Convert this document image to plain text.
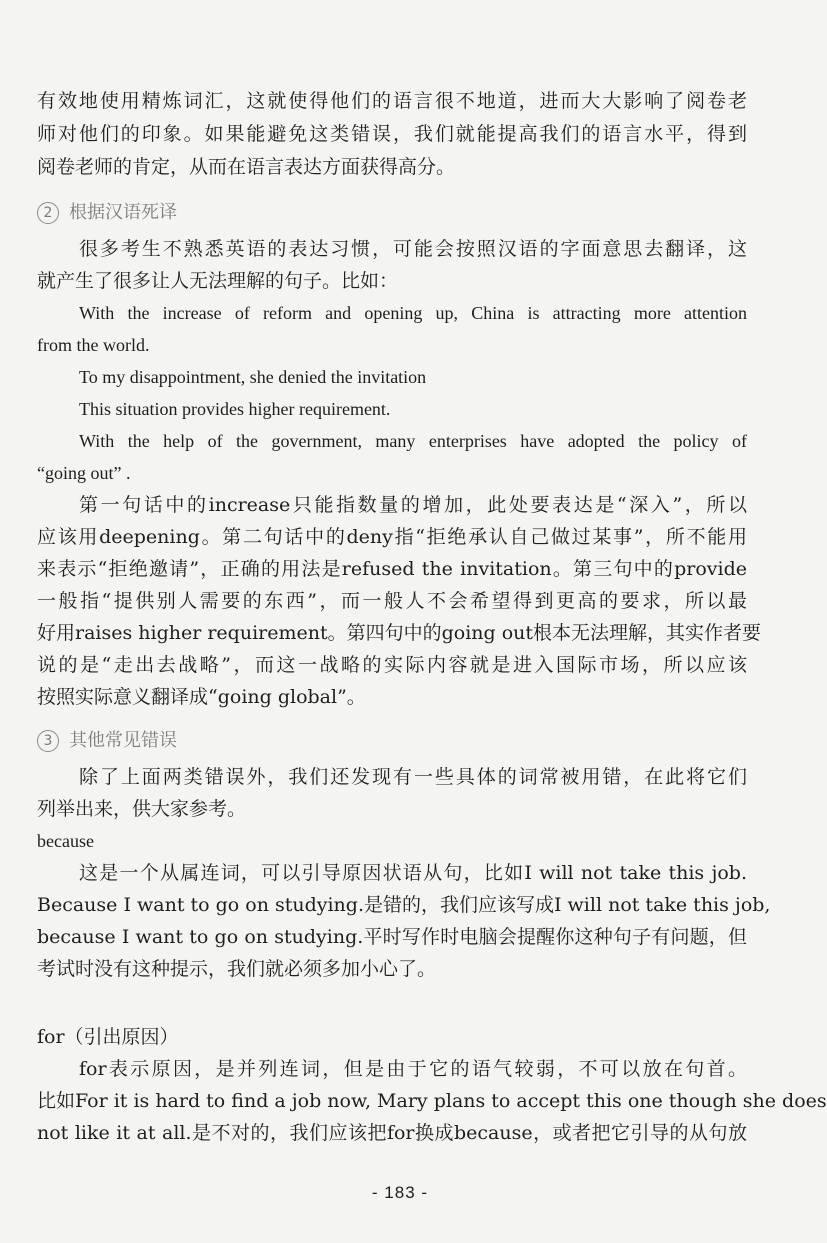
有效地使用精炼词汇，这就使得他们的语言很不地道，进而大大影响了阅卷老
师对他们的印象。如果能避免这类错误，我们就能提高我们的语言水平，得到
阅卷老师的肯定，从而在语言表达方面获得高分。
2 根据汉语死译
很多考生不熟悉英语的表达习惯，可能会按照汉语的字面意思去翻译，这
就产生了很多让人无法理解的句子。比如：
With the increase of reform and opening up, China is attracting more attention
from the world.
To my disappointment, she denied the invitation
This situation provides higher requirement.
With the help of the government, many enterprises have adopted the policy of
“going out” .
第一句话中的increase只能指数量的增加，此处要表达是“深入”，所以
应该用deepening。第二句话中的deny指“拒绝承认自己做过某事”，所不能用
来表示“拒绝邀请”，正确的用法是refused the invitation。第三句中的provide
一般指“提供别人需要的东西”，而一般人不会希望得到更高的要求，所以最
好用raises higher requirement。第四句中的going out根本无法理解，其实作者要
说的是“走出去战略”，而这一战略的实际内容就是进入国际市场，所以应该
按照实际意义翻译成“going global”。
3 其他常见错误
除了上面两类错误外，我们还发现有一些具体的词常被用错，在此将它们
列举出来，供大家参考。
because
这是一个从属连词，可以引导原因状语从句，比如I will not take this job.
Because I want to go on studying.是错的，我们应该写成I will not take this job,
because I want to go on studying.平时写作时电脑会提醒你这种句子有问题，但
考试时没有这种提示，我们就必须多加小心了。
for（引出原因）
for表示原因，是并列连词，但是由于它的语气较弱，不可以放在句首。
比如For it is hard to find a job now, Mary plans to accept this one though she does
not like it at all.是不对的，我们应该把for换成because，或者把它引导的从句放
- 183 -
